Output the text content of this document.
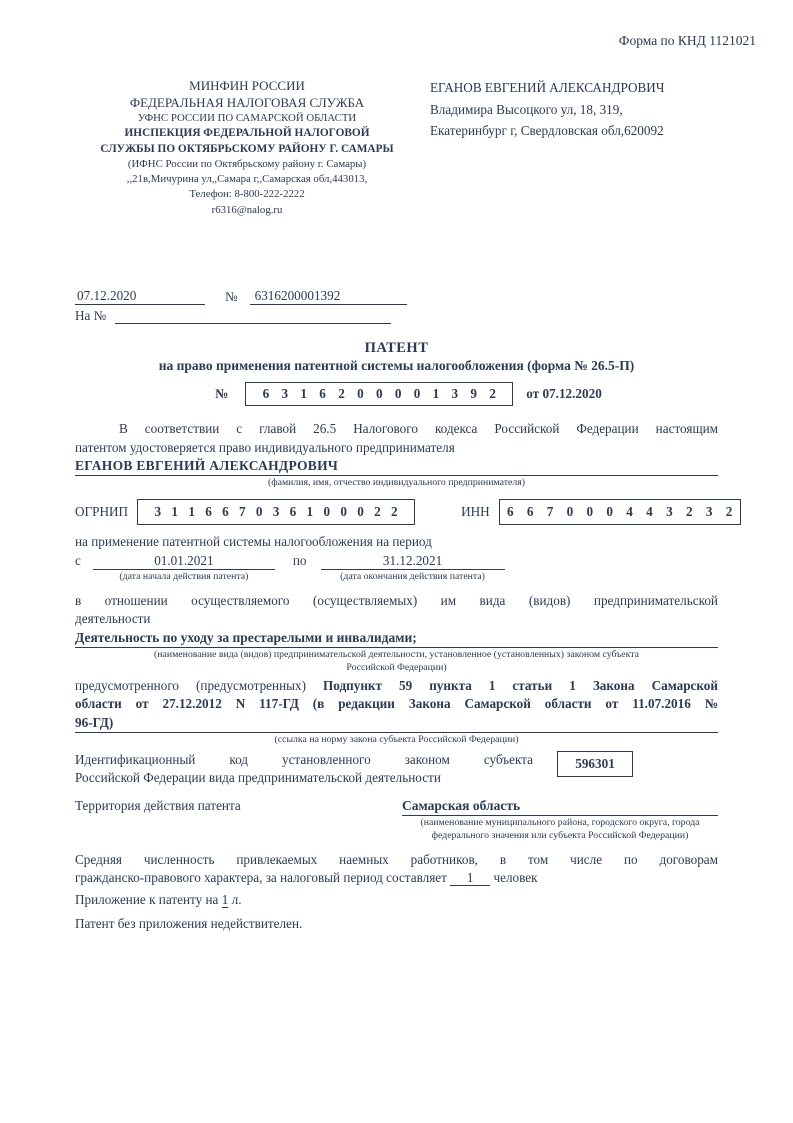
Форма по КНД 1121021
МИНФИН РОССИИ
ФЕДЕРАЛЬНАЯ НАЛОГОВАЯ СЛУЖБА
УФНС РОССИИ ПО САМАРСКОЙ ОБЛАСТИ
ИНСПЕКЦИЯ ФЕДЕРАЛЬНОЙ НАЛОГОВОЙ
СЛУЖБЫ ПО ОКТЯБРЬСКОМУ РАЙОНУ Г. САМАРЫ
(ИФНС России по Октябрьскому району г. Самары)
,,21в,Мичурина ул,,Самара г,,Самарская обл,443013,
Телефон: 8-800-222-2222
r6316@nalog.ru
ЕГАНОВ ЕВГЕНИЙ АЛЕКСАНДРОВИЧ
Владимира Высоцкого ул, 18, 319,
Екатеринбург г, Свердловская обл,620092
07.12.2020	№	6316200001392
На №
ПАТЕНТ
на право применения патентной системы налогообложения (форма № 26.5-П)
№	6 3 1 6 2 0 0 0 0 1 3 9 2	от 07.12.2020
В соответствии с главой 26.5 Налогового кодекса Российской Федерации настоящим
патентом удостоверяется право индивидуального предпринимателя
ЕГАНОВ ЕВГЕНИЙ АЛЕКСАНДРОВИЧ
(фамилия, имя, отчество индивидуального предпринимателя)
ОГРНИП	3 1 1 6 6 7 0 3 6 1 0 0 0 2 2	ИНН	6 6 7 0 0 0 4 4 3 2 3 2
на применение патентной системы налогообложения на период
с	01.01.2021
(дата начала действия патента)
по	31.12.2021
(дата окончания действия патента)
в отношении осуществляемого (осуществляемых) им вида (видов) предпринимательской
деятельности
Деятельность по уходу за престарелыми и инвалидами;
(наименование вида (видов) предпринимательской деятельности, установленное (установленных) законом субъекта
Российской Федерации)
предусмотренного (предусмотренных) Подпункт 59 пункта 1 статьи 1 Закона Самарской
области от 27.12.2012 N 117-ГД (в редакции Закона Самарской области от 11.07.2016 №
96-ГД)
(ссылка на норму закона субъекта Российской Федерации)
Идентификационный код установленного законом субъекта
Российской Федерации вида предпринимательской деятельности
596301
Территория действия патента	Самарская область
(наименование муниципального района, городского округа, города
федерального значения или субъекта Российской Федерации)
Средняя численность привлекаемых наемных работников, в том числе по договорам
гражданско-правового характера, за налоговый период составляет 1 человек
Приложение к патенту на 1 л.
Патент без приложения недействителен.
